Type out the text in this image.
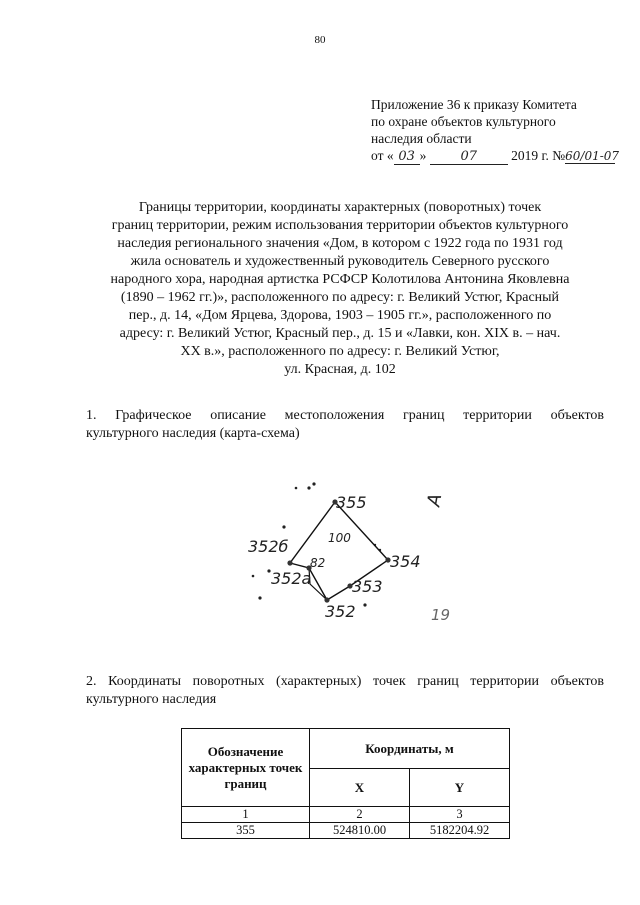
80
Приложение 36 к приказу Комитета
по охране объектов культурного
наследия области
от « 03 »	07	2019 г. №60/01-07
Границы территории, координаты характерных (поворотных) точек
границ территории, режим использования территории объектов культурного
наследия регионального значения «Дом, в котором с 1922 года по 1931 год
жила основатель и художественный руководитель Северного русского
народного хора, народная артистка РСФСР Колотилова Антонина Яковлевна
(1890 – 1962 гг.)», расположенного по адресу: г. Великий Устюг, Красный
пер., д. 14, «Дом Ярцева, Здорова, 1903 – 1905 гг.», расположенного по
адресу: г. Великий Устюг, Красный пер., д. 15 и «Лавки, кон. XIX в. – нач.
XX в.», расположенного по адресу: г. Великий Устюг,
ул. Красная, д. 102
1. Графическое описание местоположения границ территории объектов
культурного наследия (карта-схема)
355
354
353
352
352а
352б	100
82
А
19
2. Координаты поворотных (характерных) точек границ территории объектов
культурного наследия
Обозначение характерных точек границ	Координаты, м	
	X	Y
1	2	3
355	524810.00	5182204.92
